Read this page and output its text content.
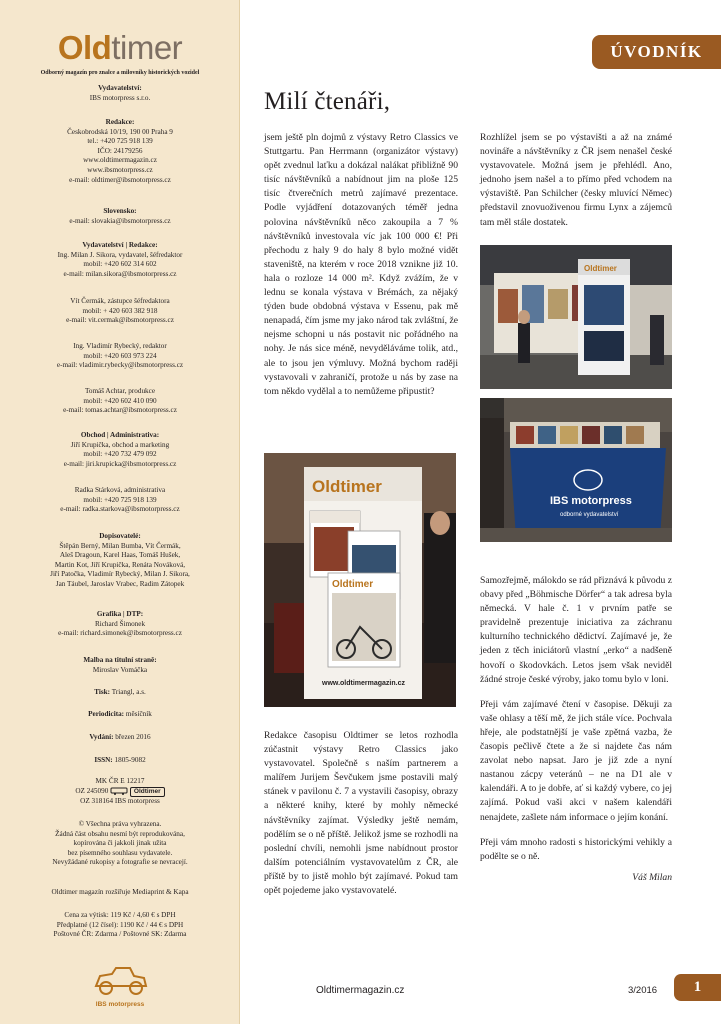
Oldtimer
Odborný magazín pro znalce a milovníky historických vozidel

Vydavatelství:

IBS motorpress s.r.o.

Redakce:

Českobrodská 10/19, 190 00 Praha 9

tel.: +420 725 918 139

IČO: 24179256

www.oldtimermagazin.cz

www.ibsmotorpress.cz

e-mail: oldtimer@ibsmotorpress.cz

Slovensko:

e-mail: slovakia@ibsmotorpress.cz

Vydavatelství | Redakce:

Ing. Milan J. Sikora, vydavatel, šéfredaktor

mobil: +420 602 314 602

e-mail: milan.sikora@ibsmotorpress.cz

Vít Čermák, zástupce šéfredaktora

mobil: + 420 603 382 918

e-mail: vit.cermak@ibsmotorpress.cz

Ing. Vladimír Rybecký, redaktor

mobil: +420 603 973 224

e-mail: vladimir.rybecky@ibsmotorpress.cz

Tomáš Achtar, produkce

mobil: +420 602 410 090

e-mail: tomas.achtar@ibsmotorpress.cz

Obchod | Administrativa:

Jiří Krupička, obchod a marketing

mobil: +420 732 479 092

e-mail: jiri.krupicka@ibsmotorpress.cz

Radka Stárková, administrativa

mobil: +420 725 918 139

e-mail: radka.starkova@ibsmotorpress.cz

Dopisovatelé:

Štěpán Berný, Milan Bumba, Vít Čermák,

Aleš Dragoun, Karel Haas, Tomáš Hušek,

Martin Kot, Jiří Krupička, Renáta Nováková,

Jiří Patočka, Vladimír Rybecký, Milan J. Sikora,

Jan Táubel, Jaroslav Vrabec, Radim Zátopek

Grafika | DTP:

Richard Šimonek

e-mail: richard.simonek@ibsmotorpress.cz

Malba na titulní straně:

Miroslav Vomáčka

Tisk: Triangl, a.s.

Periodicita: měsíčník

Vydání: březen 2016

ISSN: 1805-9082

MK ČR E 12217

OZ 245090	Oldtimer

OZ 318164 IBS motorpress

© Všechna práva vyhrazena.

Žádná část obsahu nesmí být reprodukována,

kopírována či jakkoli jinak užita

bez písemného souhlasu vydavatele.

Nevyžádané rukopisy a fotografie se nevracejí.

Oldtimer magazín rozšiřuje Mediaprint & Kapa

Cena za výtisk: 119 Kč / 4,60 € s DPH

Předplatné (12 čísel): 1190 Kč / 44 € s DPH

Poštovné ČR: Zdarma / Poštovné SK: Zdarma

IBS motorpress
ÚVODNÍK
Milí čtenáři,

jsem ještě pln dojmů z výstavy Retro Classics ve Stuttgartu. Pan Herrmann (organizátor výstavy) opět zvednul laťku a dokázal nalákat přibližně 90 tisíc návštěvníků a nabídnout jim na ploše 125 tisíc čtverečních metrů zajímavé prezentace. Podle vyjádření dotazovaných téměř jedna polovina návštěvníků něco zakoupila a 7 % návštěvníků investovala víc jak 100 000 €! Při přechodu z haly 9 do haly 8 bylo možné vidět staveniště, na kterém v roce 2018 vznikne již 10. hala o rozloze 14 000 m². Když zvážím, že v lednu se konala výstava v Brémách, za nějaký týden bude obdobná výstava v Essenu, pak mě nenapadá, čím jsme my jako národ tak zvláštní, že nejsme schopni u nás postavit nic pořádného na nohy. Je nás sice méně, nevyděláváme tolik, atd., ale to jsou jen výmluvy. Možná bychom raději vystavovali v zahraničí, protože u nás by zase na tom někdo vydělal a to nemůžeme připustit?

Oldtimer
Oldtimer
www.oldtimermagazin.cz

Redakce časopisu Oldtimer se letos rozhodla zúčastnit výstavy Retro Classics jako vystavovatel. Společně s naším partnerem a malířem Jurijem Ševčukem jsme postavili malý stánek v pavilonu č. 7 a vystavili časopisy, obrazy a některé knihy, které by mohly německé návštěvníky zajímat. Výsledky ještě nemám, podělím se o ně příště. Jelikož jsme se rozhodli na poslední chvíli, nemohli jsme nabídnout prostor dalším potenciálním vystavovatelům z ČR, ale příště by to jistě mohlo být zajímavé. Pokud tam opět pojedeme jako vystavovatelé.

Rozhlížel jsem se po výstavišti a až na známé novináře a návštěvníky z ČR jsem nenašel české vystavovatele. Možná jsem je přehlédl. Ano, jednoho jsem našel a to přímo před vchodem na výstaviště. Pan Schilcher (česky mluvící Němec) představil znovuoživenou firmu Lynx a zájemců tam měl stále dostatek.

Oldtimer
IBS motorpress
odborné vydavatelství

Samozřejmě, málokdo se rád přiznává k původu z obavy před „Böhmische Dörfer“ a tak adresa byla německá. V hale č. 1 v prvním patře se pravidelně prezentuje iniciativa za záchranu kulturního technického dědictví. Zajímavé je, že jeden z těch iniciátorů vlastní „erko“ a nadšeně hovoří o škodovkách. Letos jsem však neviděl žádné stroje české výroby, jako tomu bylo v loni.

Přeji vám zajímavé čtení v časopise. Děkuji za vaše ohlasy a těší mě, že jich stále více. Pochvala hřeje, ale podstatnější je vaše zpětná vazba, že časopis pečlivě čtete a že si najdete čas nám zavolat nebo napsat. Jaro je již zde a nyní nastanou zácpy veteránů – ne na D1 ale v kalendáři. A to je dobře, ať si každý vybere, co jej zajímá. Pokud vaši akci v našem kalendáři nenajdete, zašlete nám informace o jejím konání.

Přeji vám mnoho radosti s historickými vehikly a podělte se o ně.

Váš Milan

Oldtimermagazin.cz	3/2016	1
